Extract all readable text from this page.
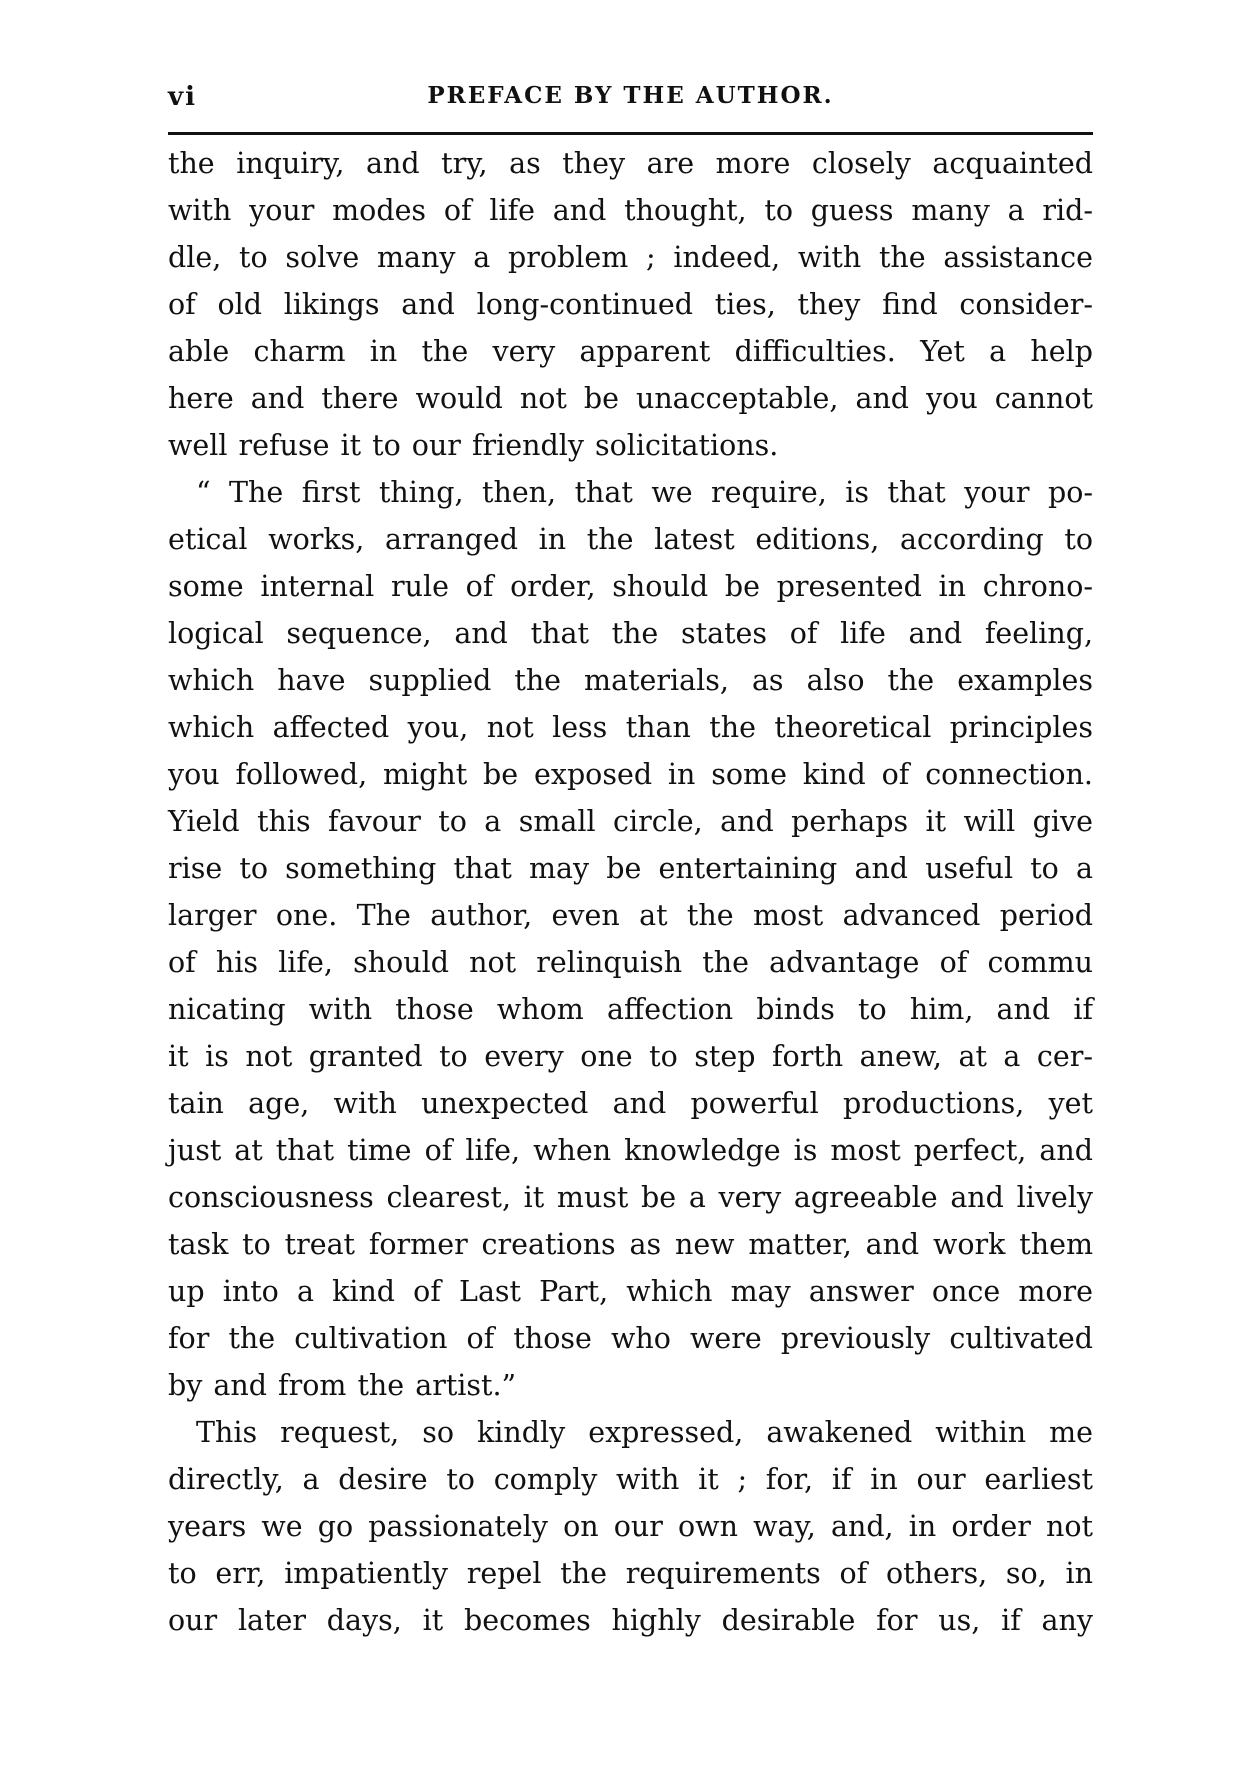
vi	PREFACE BY THE AUTHOR.
the inquiry, and try, as they are more closely acquainted
with your modes of life and thought, to guess many a rid-
dle, to solve many a problem ; indeed, with the assistance
of old likings and long-continued ties, they find consider-
able charm in the very apparent difficulties. Yet a help
here and there would not be unacceptable, and you cannot
well refuse it to our friendly solicitations.
“ The first thing, then, that we require, is that your po-
etical works, arranged in the latest editions, according to
some internal rule of order, should be presented in chrono-
logical sequence, and that the states of life and feeling,
which have supplied the materials, as also the examples
which affected you, not less than the theoretical principles
you followed, might be exposed in some kind of connection.
Yield this favour to a small circle, and perhaps it will give
rise to something that may be entertaining and useful to a
larger one. The author, even at the most advanced period
of his life, should not relinquish the advantage of commu
nicating with those whom affection binds to him, and if
it is not granted to every one to step forth anew, at a cer-
tain age, with unexpected and powerful productions, yet
just at that time of life, when knowledge is most perfect, and
consciousness clearest, it must be a very agreeable and lively
task to treat former creations as new matter, and work them
up into a kind of Last Part, which may answer once more
for the cultivation of those who were previously cultivated
by and from the artist.”
This request, so kindly expressed, awakened within me
directly, a desire to comply with it ; for, if in our earliest
years we go passionately on our own way, and, in order not
to err, impatiently repel the requirements of others, so, in
our later days, it becomes highly desirable for us, if any
